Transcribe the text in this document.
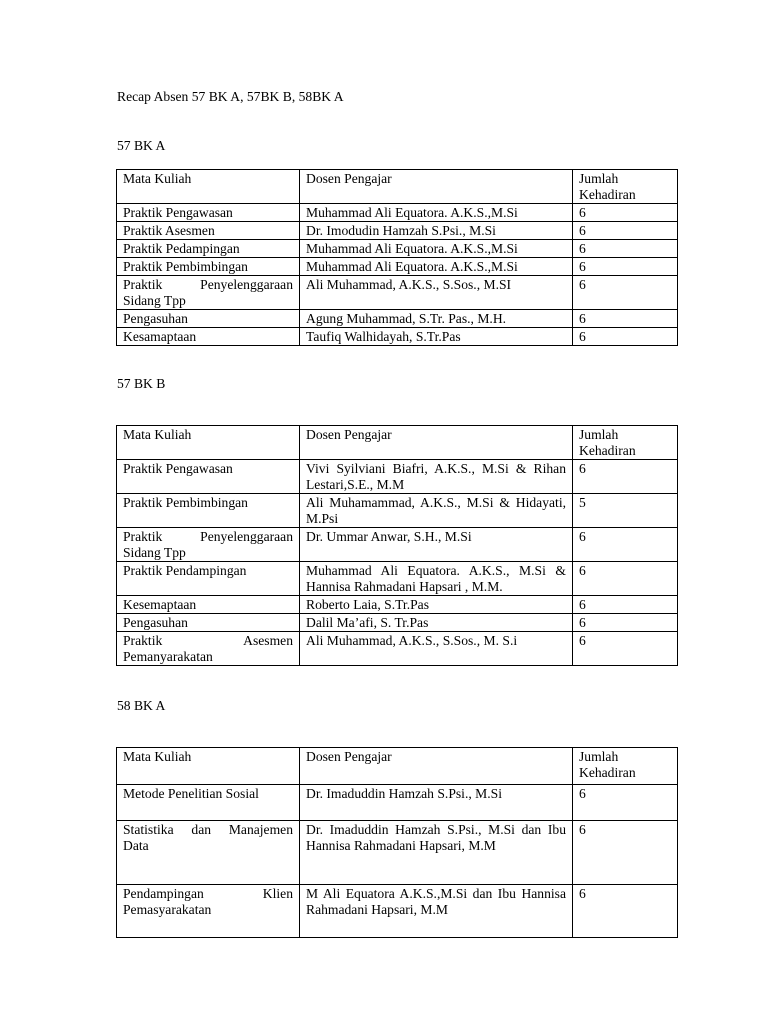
Recap Absen 57 BK A, 57BK B, 58BK A
57 BK A
Mata Kuliah	Dosen Pengajar	Jumlah Kehadiran
Praktik Pengawasan	Muhammad Ali Equatora. A.K.S.,M.Si	6
Praktik Asesmen	Dr. Imodudin Hamzah S.Psi., M.Si	6
Praktik Pedampingan	Muhammad Ali Equatora. A.K.S.,M.Si	6
Praktik Pembimbingan	Muhammad Ali Equatora. A.K.S.,M.Si	6
Praktik Penyelenggaraan Sidang Tpp	Ali Muhammad, A.K.S., S.Sos., M.SI	6
Pengasuhan	Agung Muhammad, S.Tr. Pas., M.H.	6
Kesamaptaan	Taufiq Walhidayah, S.Tr.Pas	6
57 BK B
Mata Kuliah	Dosen Pengajar	Jumlah Kehadiran
Praktik Pengawasan	Vivi Syilviani Biafri, A.K.S., M.Si & Rihan Lestari,S.E., M.M	6
Praktik Pembimbingan	Ali Muhamammad, A.K.S., M.Si & Hidayati, M.Psi	5
Praktik Penyelenggaraan Sidang Tpp	Dr. Ummar Anwar, S.H., M.Si	6
Praktik Pendampingan	Muhammad Ali Equatora. A.K.S., M.Si & Hannisa Rahmadani Hapsari , M.M.	6
Kesemaptaan	Roberto Laia, S.Tr.Pas	6
Pengasuhan	Dalil Ma’afi, S. Tr.Pas	6
Praktik Asesmen Pemanyarakatan	Ali Muhammad, A.K.S., S.Sos., M. S.i	6
58 BK A
Mata Kuliah	Dosen Pengajar	Jumlah Kehadiran
Metode Penelitian Sosial	Dr. Imaduddin Hamzah S.Psi., M.Si	6
Statistika dan Manajemen Data	Dr. Imaduddin Hamzah S.Psi., M.Si dan Ibu Hannisa Rahmadani Hapsari, M.M	6
Pendampingan Klien Pemasyarakatan	M Ali Equatora A.K.S.,M.Si dan Ibu Hannisa Rahmadani Hapsari, M.M	6
